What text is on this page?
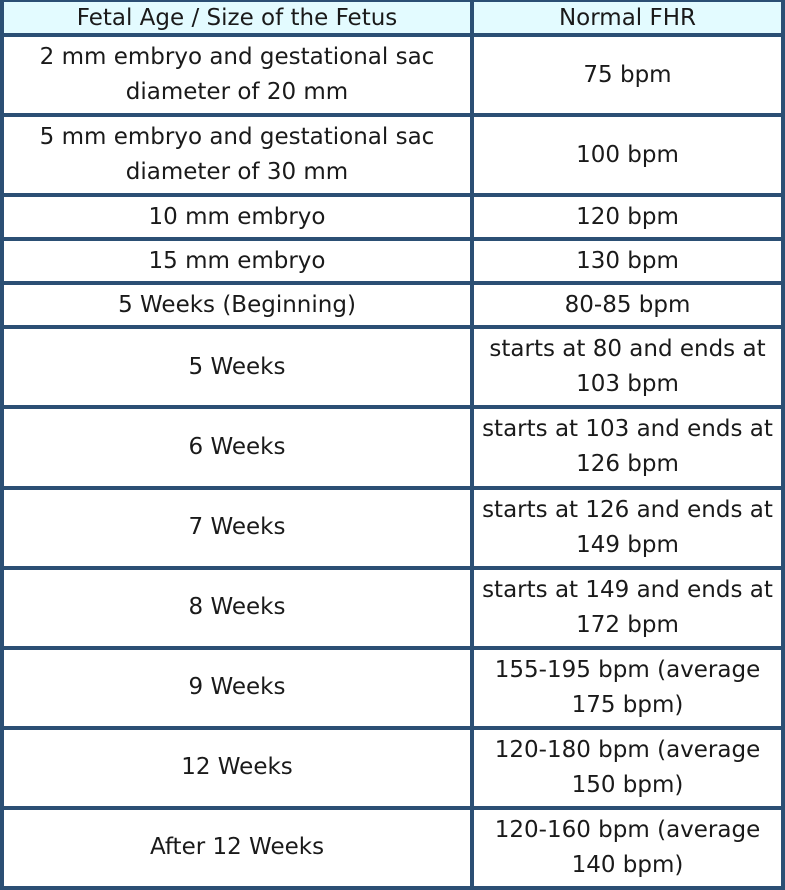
Fetal Age / Size of the Fetus	Normal FHR
2 mm embryo and gestational sac diameter of 20 mm	75 bpm
5 mm embryo and gestational sac diameter of 30 mm	100 bpm
10 mm embryo	120 bpm
15 mm embryo	130 bpm
5 Weeks (Beginning)	80-85 bpm
5 Weeks	starts at 80 and ends at 103 bpm
6 Weeks	starts at 103 and ends at 126 bpm
7 Weeks	starts at 126 and ends at 149 bpm
8 Weeks	starts at 149 and ends at 172 bpm
9 Weeks	155-195 bpm (average 175 bpm)
12 Weeks	120-180 bpm (average 150 bpm)
After 12 Weeks	120-160 bpm (average 140 bpm)
